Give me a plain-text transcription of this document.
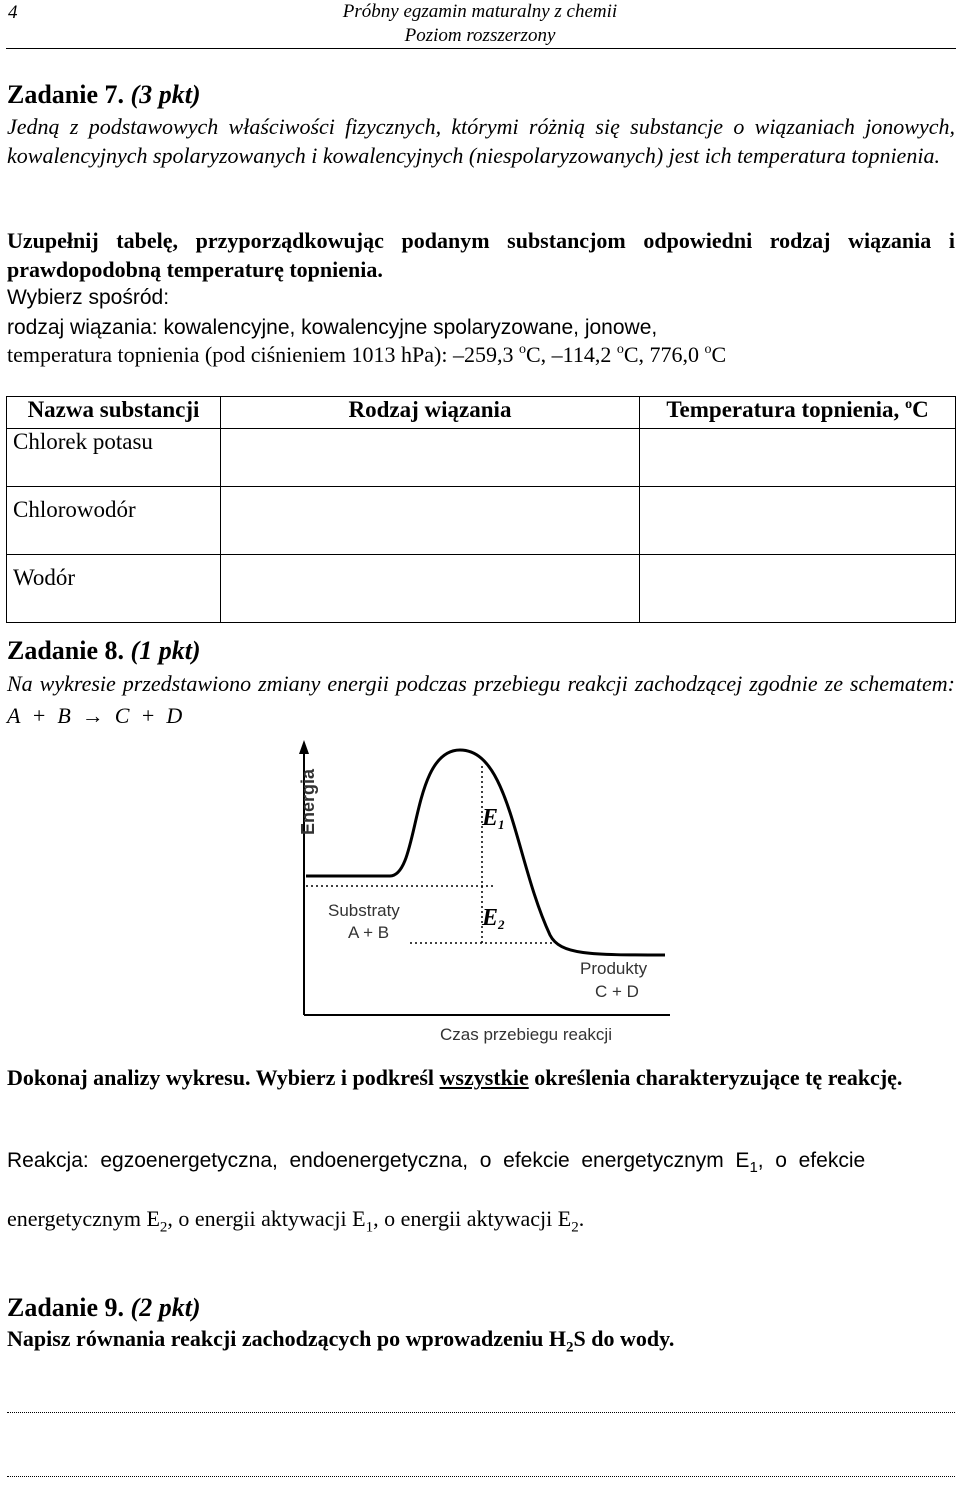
4	Próbny egzamin maturalny z chemii
Poziom rozszerzony
Zadanie 7. (3 pkt)
Jedną z podstawowych właściwości fizycznych, którymi różnią się substancje o wiązaniach jonowych, kowalencyjnych spolaryzowanych i kowalencyjnych (niespolaryzowanych) jest ich temperatura topnienia.
Uzupełnij tabelę, przyporządkowując podanym substancjom odpowiedni rodzaj wiązania i prawdopodobną temperaturę topnienia.
Wybierz spośród:
rodzaj wiązania: kowalencyjne, kowalencyjne spolaryzowane, jonowe,
temperatura topnienia (pod ciśnieniem 1013 hPa): –259,3 $^o$C, –114,2 $^o$C, 776,0 $^o$C
Nazwa substancji	Rodzaj wiązania	Temperatura topnienia, $^o$C
Chlorek potasu		
Chlorowodór		
Wodór		
Zadanie 8. (1 pkt)
Na wykresie przedstawiono zmiany energii podczas przebiegu reakcji zachodzącej zgodnie ze schematem: A + B → C + D
Energia	E1
E2
Substraty
A + B
Produkty
C + D
Czas przebiegu reakcji
Dokonaj analizy wykresu. Wybierz i podkreśl wszystkie określenia charakteryzujące tę reakcję.
Reakcja:  egzoenergetyczna,  endoenergetyczna,  o  efekcie  energetycznym  $E_1$,  o  efekcie
energetycznym $E_2$, o energii aktywacji $E_1$, o energii aktywacji $E_2$.
Zadanie 9. (2 pkt)
Napisz równania reakcji zachodzących po wprowadzeniu $H_2S$ do wody.
